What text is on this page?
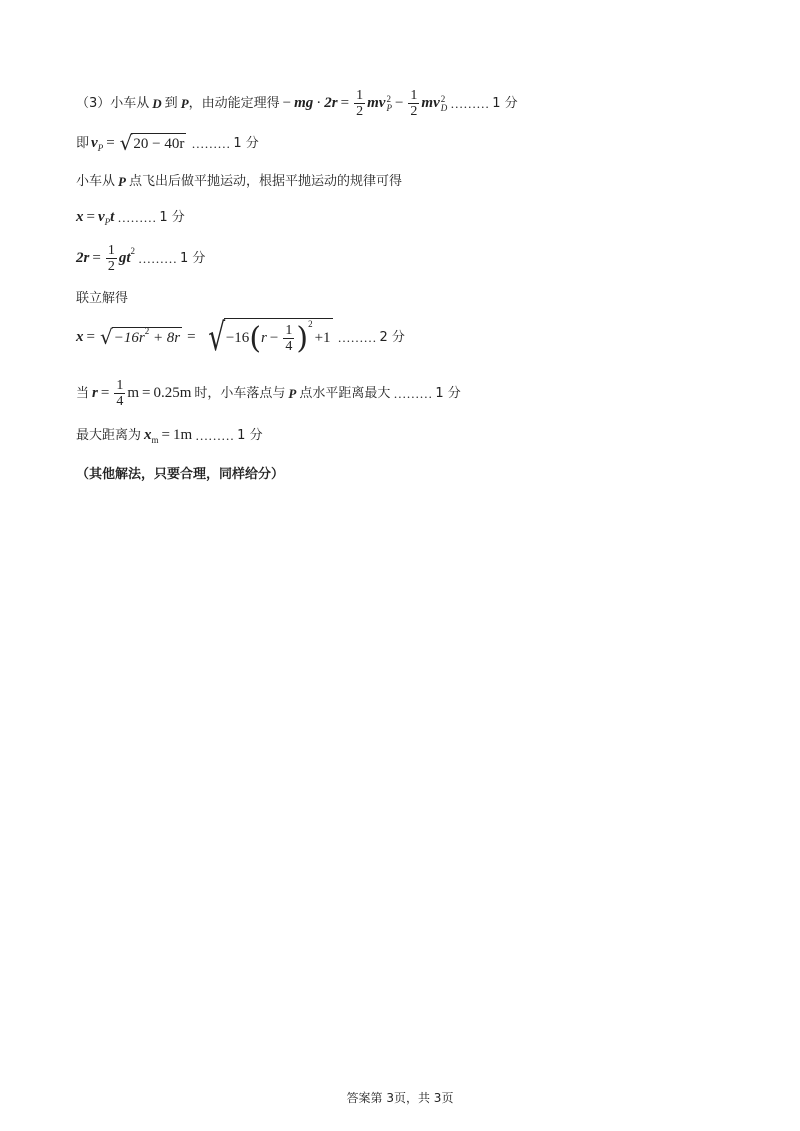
（3）小车从 D 到 P ，由动能定理得 − mg · $2r = \frac{1}{2}$ mv 2
$P - \frac{1}{2}$ mv 2
D ……… 1 分
即 v P = √ 20 − 40r ……… 1 分
小车从 P 点飞出后做平抛运动，根据平抛运动的规律可得
x = v P t ……… 1 分
$2r = \frac{1}{2}$ gt 2 ……… 1 分
联立解得
x = √ −16r 2 + 8r = √ −16 ( $r - \frac{1}{4}$ ) 2
+1 ……… 2 分
当 $r = \frac{1}{4}$ m = 0.25m 时，小车落点与 P 点水平距离最大 ……… 1 分
最大距离为 x m = 1m ……… 1 分
（其他解法，只要合理，同样给分）
答案第 3页，共 3页
